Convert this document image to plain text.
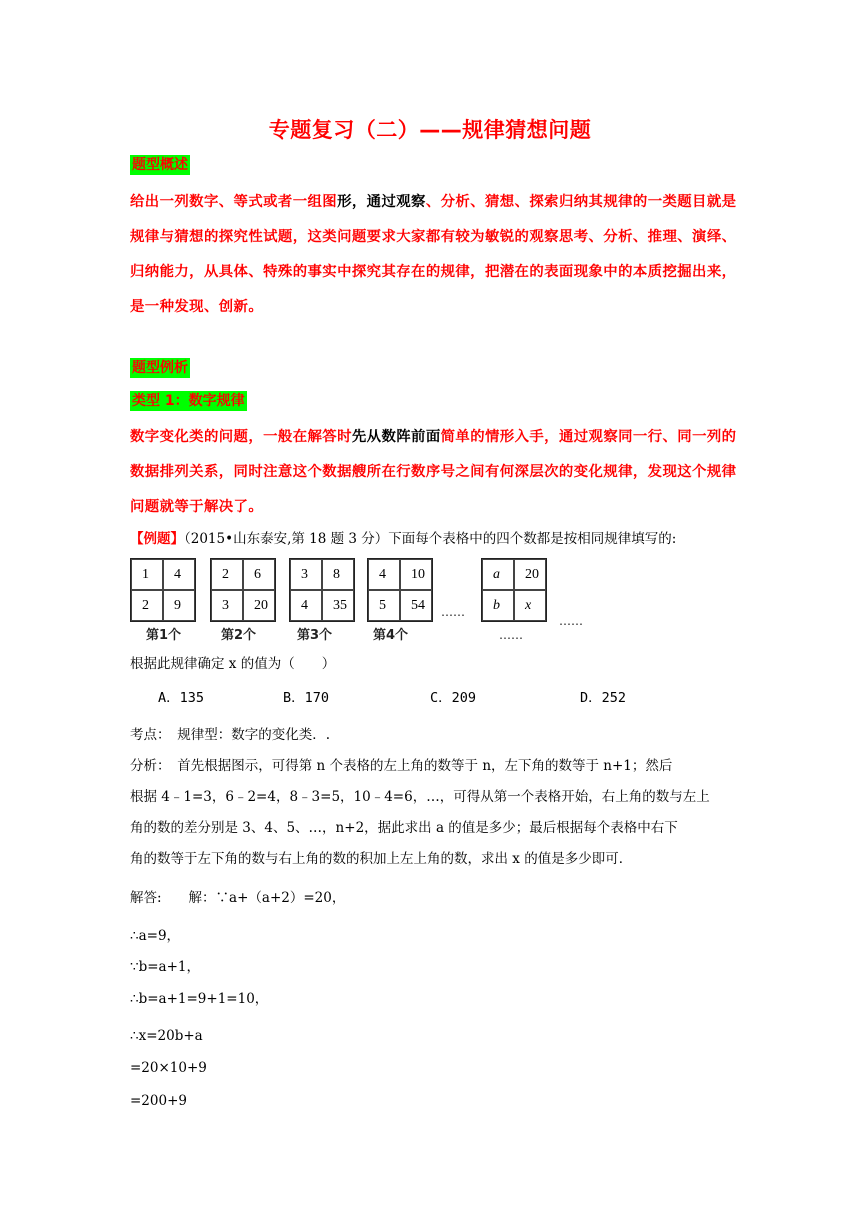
专题复习（二）——规律猜想问题
题型概述
给出一列数字、等式或者一组图形，通过观察、分析、猜想、探索归纳其规律的一类题目就是规律与猜想的探究性试题，这类问题要求大家都有较为敏锐的观察思考、分析、推理、演绎、归纳能力，从具体、特殊的事实中探究其存在的规律，把潜在的表面现象中的本质挖掘出来，是一种发现、创新。
题型例析
类型 1：数字规律
数字变化类的问题，一般在解答时先从数阵前面简单的情形入手，通过观察同一行、同一列的数据排列关系，同时注意这个数据艘所在行数序号之间有何深层次的变化规律，发现这个规律问题就等于解决了。
【例题】（2015•山东泰安,第 18 题 3 分）下面每个表格中的四个数都是按相同规律填写的:
1	4
2	9
2	6
3	20
3	8
4	35
4	10
5	54
a	20
b	x
第1个	第2个	第3个	第4个
……
……
……
根据此规律确定 x 的值为（　　）
A．135	B．170	C．209	D．252
考点：　规律型：数字的变化类．.
分析：　首先根据图示，可得第 n 个表格的左上角的数等于 n，左下角的数等于 n+1；然后
根据 4﹣1=3，6﹣2=4，8﹣3=5，10﹣4=6，…，可得从第一个表格开始，右上角的数与左上
角的数的差分别是 3、4、5、…，n+2，据此求出 a 的值是多少；最后根据每个表格中右下
角的数等于左下角的数与右上角的数的积加上左上角的数，求出 x 的值是多少即可．
解答:　　解：∵a+（a+2）=20，
∴a=9，
∵b=a+1，
∴b=a+1=9+1=10，
∴x=20b+a
=20×10+9
=200+9
